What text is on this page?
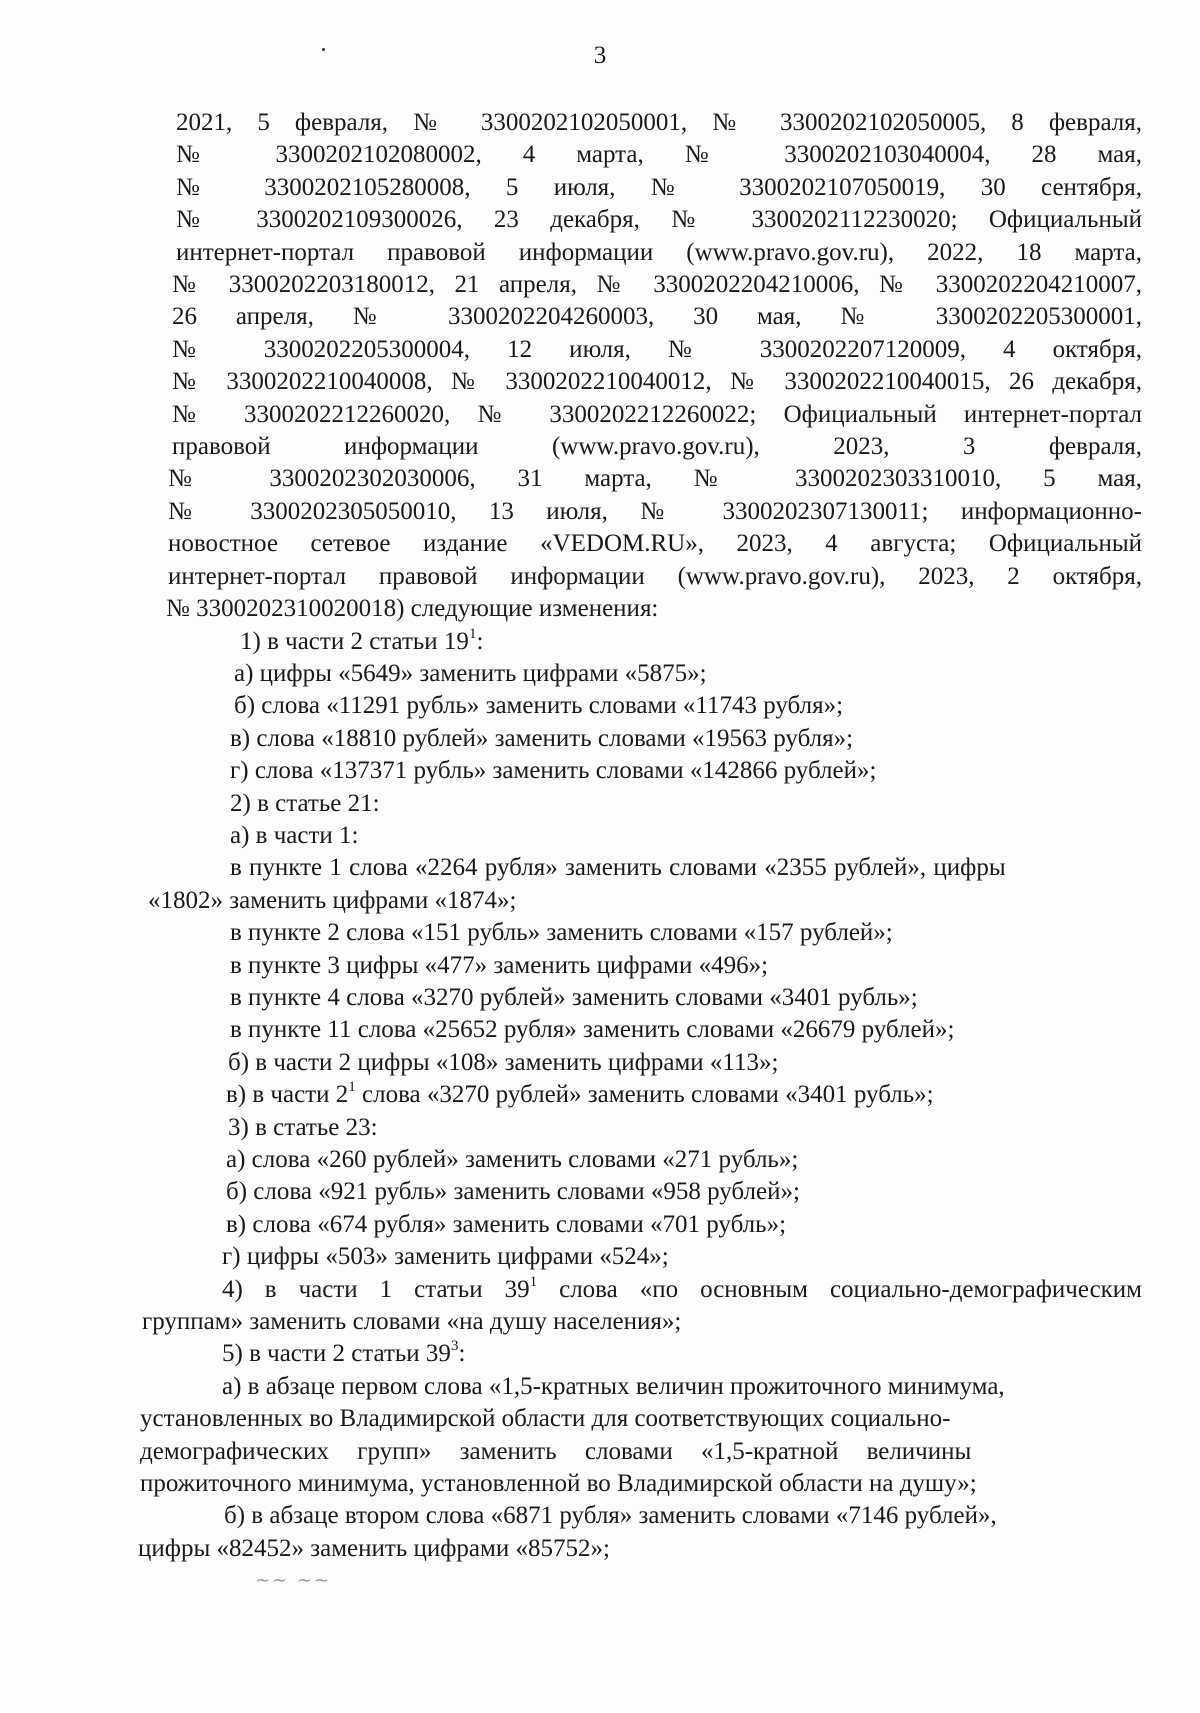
3
2021, 5 февраля, № 3300202102050001, № 3300202102050005, 8 февраля,
№ 3300202102080002, 4 марта, № 3300202103040004, 28 мая,
№ 3300202105280008, 5 июля, № 3300202107050019, 30 сентября,
№ 3300202109300026, 23 декабря, № 3300202112230020; Официальный
интернет-портал правовой информации (www.pravo.gov.ru), 2022, 18 марта,
№ 3300202203180012, 21 апреля, № 3300202204210006, № 3300202204210007,
26 апреля, № 3300202204260003, 30 мая, № 3300202205300001,
№ 3300202205300004, 12 июля, № 3300202207120009, 4 октября,
№ 3300202210040008, № 3300202210040012, № 3300202210040015, 26 декабря,
№ 3300202212260020, № 3300202212260022; Официальный интернет-портал
правовой информации (www.pravo.gov.ru), 2023, 3 февраля,
№ 3300202302030006, 31 марта, № 3300202303310010, 5 мая,
№ 3300202305050010, 13 июля, № 3300202307130011; информационно-
новостное сетевое издание «VEDOM.RU», 2023, 4 августа; Официальный
интернет-портал правовой информации (www.pravo.gov.ru), 2023, 2 октября,
№ 3300202310020018) следующие изменения:
1) в части 2 статьи $19^1$:
а) цифры «5649» заменить цифрами «5875»;
б) слова «11291 рубль» заменить словами «11743 рубля»;
в) слова «18810 рублей» заменить словами «19563 рубля»;
г) слова «137371 рубль» заменить словами «142866 рублей»;
2) в статье 21:
а) в части 1:
в пункте 1 слова «2264 рубля» заменить словами «2355 рублей», цифры
«1802» заменить цифрами «1874»;
в пункте 2 слова «151 рубль» заменить словами «157 рублей»;
в пункте 3 цифры «477» заменить цифрами «496»;
в пункте 4 слова «3270 рублей» заменить словами «3401 рубль»;
в пункте 11 слова «25652 рубля» заменить словами «26679 рублей»;
б) в части 2 цифры «108» заменить цифрами «113»;
в) в части $2^1$ слова «3270 рублей» заменить словами «3401 рубль»;
3) в статье 23:
а) слова «260 рублей» заменить словами «271 рубль»;
б) слова «921 рубль» заменить словами «958 рублей»;
в) слова «674 рубля» заменить словами «701 рубль»;
г) цифры «503» заменить цифрами «524»;
4) в части 1 статьи $39^1$ слова «по основным социально-демографическим
группам» заменить словами «на душу населения»;
5) в части 2 статьи $39^3$:
а) в абзаце первом слова «1,5-кратных величин прожиточного минимума,
установленных во Владимирской области для соответствующих социально-
демографических групп» заменить словами «1,5-кратной величины
прожиточного минимума, установленной во Владимирской области на душу»;
б) в абзаце втором слова «6871 рубля» заменить словами «7146 рублей»,
цифры «82452» заменить цифрами «85752»;
~~ ~~
